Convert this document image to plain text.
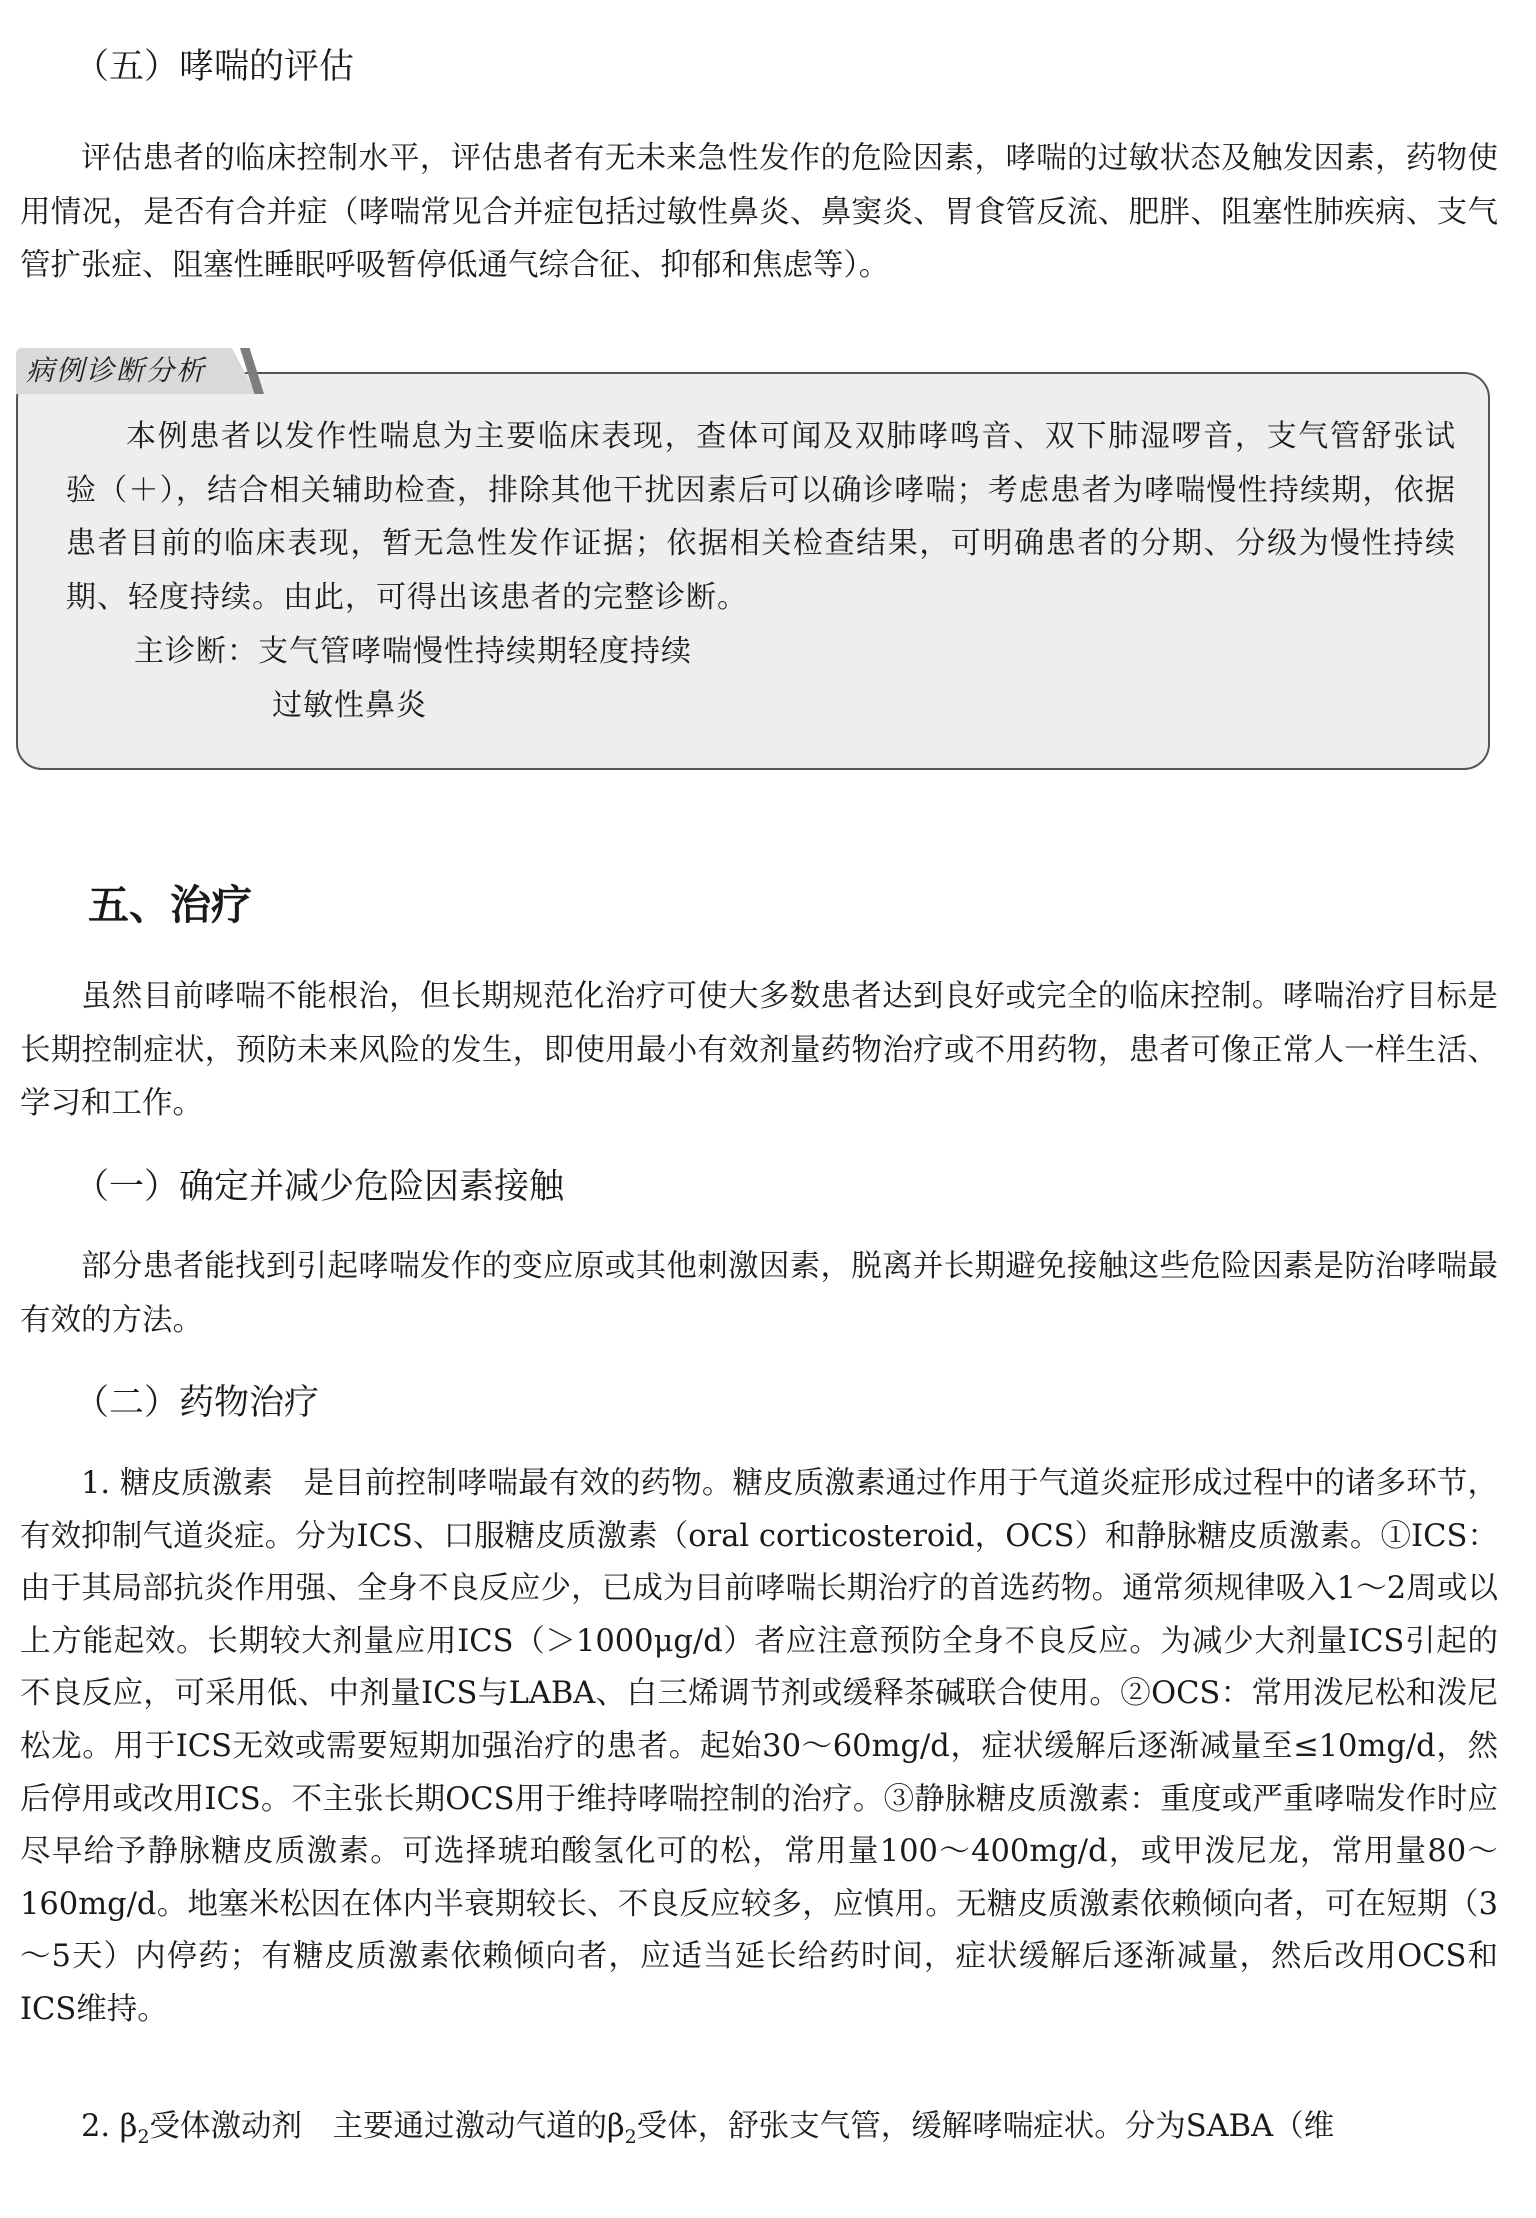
（五）哮喘的评估

评估患者的临床控制水平，评估患者有无未来急性发作的危险因素，哮喘的过敏状态及触发因素，药物使用情况，是否有合并症（哮喘常见合并症包括过敏性鼻炎、鼻窦炎、胃食管反流、肥胖、阻塞性肺疾病、支气管扩张症、阻塞性睡眠呼吸暂停低通气综合征、抑郁和焦虑等）。

病例诊断分析

本例患者以发作性喘息为主要临床表现，查体可闻及双肺哮鸣音、双下肺湿啰音，支气管舒张试验（＋），结合相关辅助检查，排除其他干扰因素后可以确诊哮喘；考虑患者为哮喘慢性持续期，依据患者目前的临床表现，暂无急性发作证据；依据相关检查结果，可明确患者的分期、分级为慢性持续期、轻度持续。由此，可得出该患者的完整诊断。

主诊断：支气管哮喘慢性持续期轻度持续
过敏性鼻炎
五、治疗

虽然目前哮喘不能根治，但长期规范化治疗可使大多数患者达到良好或完全的临床控制。哮喘治疗目标是长期控制症状，预防未来风险的发生，即使用最小有效剂量药物治疗或不用药物，患者可像正常人一样生活、学习和工作。

（一）确定并减少危险因素接触

部分患者能找到引起哮喘发作的变应原或其他刺激因素，脱离并长期避免接触这些危险因素是防治哮喘最有效的方法。

（二）药物治疗

1. 糖皮质激素　是目前控制哮喘最有效的药物。糖皮质激素通过作用于气道炎症形成过程中的诸多环节，有效抑制气道炎症。分为ICS、口服糖皮质激素（oral corticosteroid，OCS）和静脉糖皮质激素。①ICS：由于其局部抗炎作用强、全身不良反应少，已成为目前哮喘长期治疗的首选药物。通常须规律吸入1～2周或以上方能起效。长期较大剂量应用ICS（＞1000μg/d）者应注意预防全身不良反应。为减少大剂量ICS引起的不良反应，可采用低、中剂量ICS与LABA、白三烯调节剂或缓释茶碱联合使用。②OCS：常用泼尼松和泼尼松龙。用于ICS无效或需要短期加强治疗的患者。起始30～60mg/d，症状缓解后逐渐减量至≤10mg/d，然后停用或改用ICS。不主张长期OCS用于维持哮喘控制的治疗。③静脉糖皮质激素：重度或严重哮喘发作时应尽早给予静脉糖皮质激素。可选择琥珀酸氢化可的松，常用量100～400mg/d，或甲泼尼龙，常用量80～160mg/d。地塞米松因在体内半衰期较长、不良反应较多，应慎用。无糖皮质激素依赖倾向者，可在短期（3～5天）内停药；有糖皮质激素依赖倾向者，应适当延长给药时间，症状缓解后逐渐减量，然后改用OCS和ICS维持。

2. $\beta_2$受体激动剂　主要通过激动气道的$\beta_2$受体，舒张支气管，缓解哮喘症状。分为SABA（维
